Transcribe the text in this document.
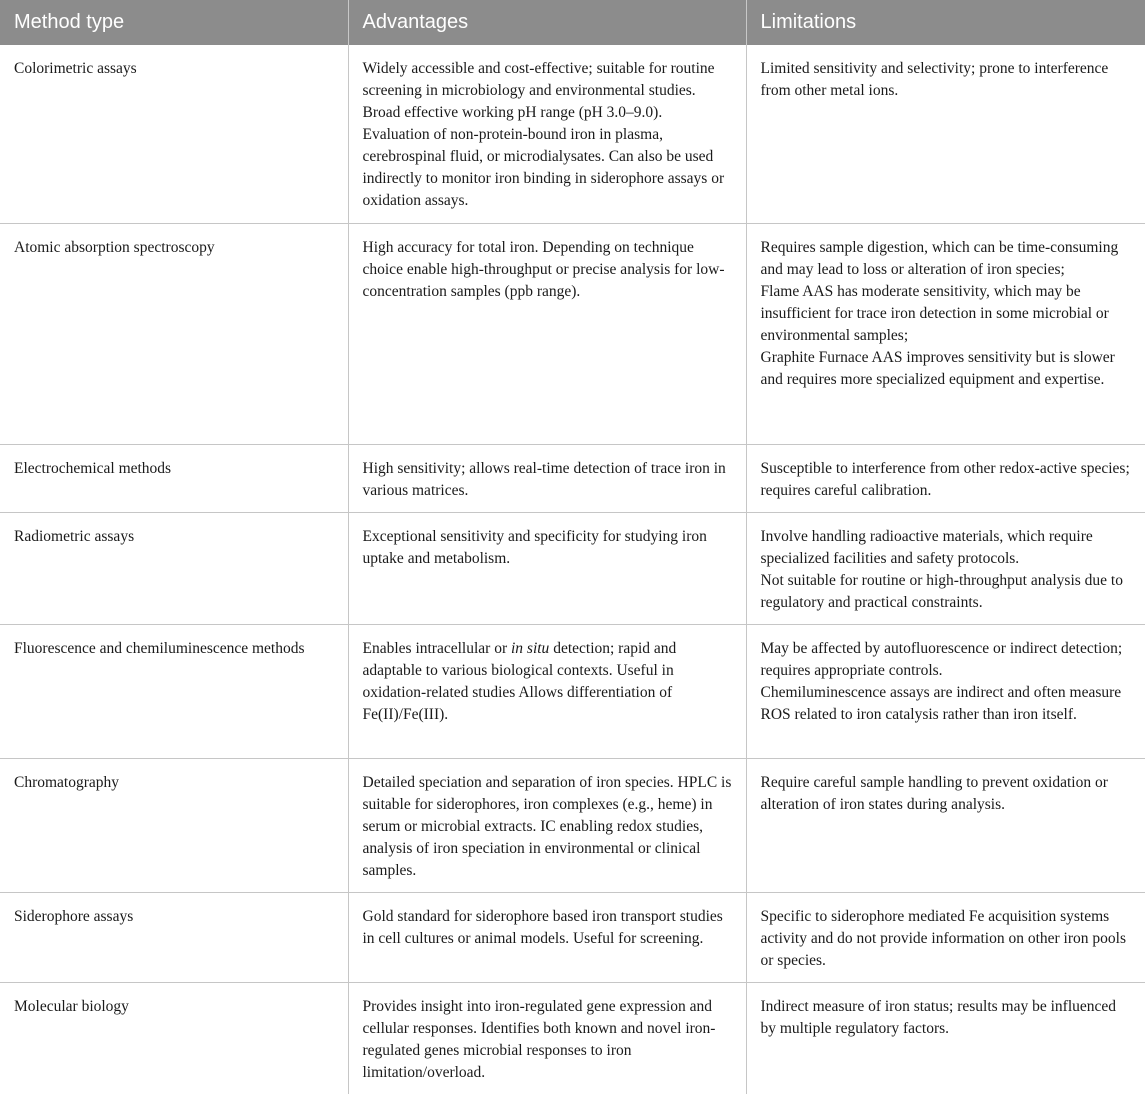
Method type	Advantages	Limitations
Colorimetric assays	Widely accessible and cost-effective; suitable for routine screening in microbiology and environmental studies. Broad effective working pH range (pH 3.0–9.0). Evaluation of non-protein-bound iron in plasma, cerebrospinal fluid, or microdialysates. Can also be used indirectly to monitor iron binding in siderophore assays or oxidation assays.	Limited sensitivity and selectivity; prone to interference from other metal ions.

Atomic absorption spectroscopy	High accuracy for total iron. Depending on technique choice enable high-throughput or precise analysis for low-concentration samples (ppb range).	Requires sample digestion, which can be time-consuming and may lead to loss or alteration of iron species;
Flame AAS has moderate sensitivity, which may be insufficient for trace iron detection in some microbial or environmental samples;
Graphite Furnace AAS improves sensitivity but is slower and requires more specialized equipment and expertise.

Electrochemical methods	High sensitivity; allows real-time detection of trace iron in various matrices.	Susceptible to interference from other redox-active species; requires careful calibration.

Radiometric assays	Exceptional sensitivity and specificity for studying iron uptake and metabolism.	Involve handling radioactive materials, which require specialized facilities and safety protocols.
Not suitable for routine or high-throughput analysis due to regulatory and practical constraints.

Fluorescence and chemiluminescence methods	Enables intracellular or in situ detection; rapid and adaptable to various biological contexts. Useful in oxidation-related studies Allows differentiation of Fe(II)/Fe(III).	May be affected by autofluorescence or indirect detection; requires appropriate controls.
Chemiluminescence assays are indirect and often measure ROS related to iron catalysis rather than iron itself.

Chromatography	Detailed speciation and separation of iron species. HPLC is suitable for siderophores, iron complexes (e.g., heme) in serum or microbial extracts. IC enabling redox studies, analysis of iron speciation in environmental or clinical samples.	Require careful sample handling to prevent oxidation or alteration of iron states during analysis.

Siderophore assays	Gold standard for siderophore based iron transport studies in cell cultures or animal models. Useful for screening.	Specific to siderophore mediated Fe acquisition systems activity and do not provide information on other iron pools or species.

Molecular biology	Provides insight into iron-regulated gene expression and cellular responses. Identifies both known and novel iron-regulated genes microbial responses to iron limitation/overload.	Indirect measure of iron status; results may be influenced by multiple regulatory factors.
